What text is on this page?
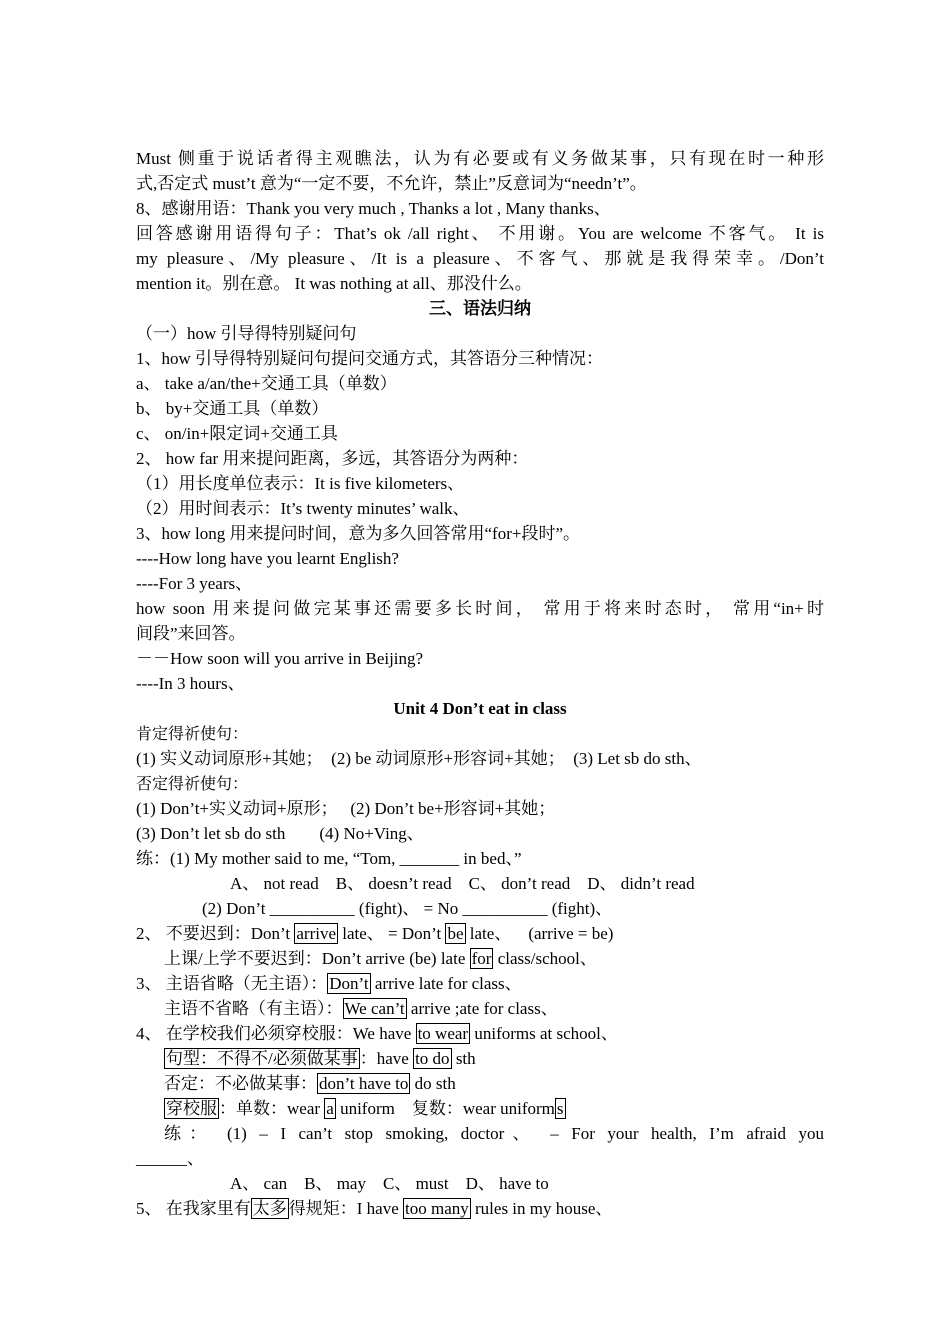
Must 侧重于说话者得主观瞧法，认为有必要或有义务做某事，只有现在时一种形
式,否定式 must’t 意为“一定不要，不允许，禁止”反意词为“needn’t”。
8、感谢用语：Thank you very much , Thanks a lot , Many thanks、
回答感谢用语得句子：That’s ok /all right、 不用谢。You are welcome 不客气。 It is
my pleasure、/My pleasure、/It is a pleasure、不客气、那就是我得荣幸。/Don’t
mention it。别在意。 It was nothing at all、那没什么。
三、语法归纳
（一）how 引导得特别疑问句
1、how 引导得特别疑问句提问交通方式，其答语分三种情况：
a、 take a/an/the+交通工具（单数）
b、 by+交通工具（单数）
c、 on/in+限定词+交通工具
2、 how far 用来提问距离，多远，其答语分为两种：
（1）用长度单位表示：It is five kilometers、
（2）用时间表示：It’s twenty minutes’ walk、
3、how long 用来提问时间，意为多久回答常用“for+段时”。
----How long have you learnt English?
----For 3 years、
how soon 用来提问做完某事还需要多长时间， 常用于将来时态时， 常用“in+时
间段”来回答。
－－How soon will you arrive in Beijing?
----In 3 hours、
Unit 4 Don’t eat in class
肯定得祈使句：
(1) 实义动词原形+其她；  (2) be 动词原形+形容词+其她；  (3) Let sb do sth、
否定得祈使句：
(1) Don’t+实义动词+原形；   (2) Don’t be+形容词+其她；
(3) Don’t let sb do sth        (4) No+Ving、
练：(1) My mother said to me, “Tom, _______ in bed、”
A、 not read    B、 doesn’t read    C、 don’t read    D、 didn’t read
(2) Don’t __________ (fight)、 = No __________ (fight)、
2、 不要迟到：Don’t arrive late、 = Don’t be late、    (arrive = be)
上课/上学不要迟到：Don’t arrive (be) late for class/school、
3、 主语省略（无主语）： Don’t arrive late for class、
主语不省略（有主语）： We can’t arrive ;ate for class、
4、 在学校我们必须穿校服：We have to wear uniforms at school、
句型：不得不/必须做某事 ：have to do sth
否定：不必做某事： don’t have to do sth
穿校服 ：单数：wear a uniform    复数：wear uniform s
练： (1) – I can’t stop smoking, doctor、 – For your health, I’m afraid you
______、
A、 can    B、 may    C、 must    D、 have to
5、 在我家里有 太多 得规矩：I have too many rules in my house、
